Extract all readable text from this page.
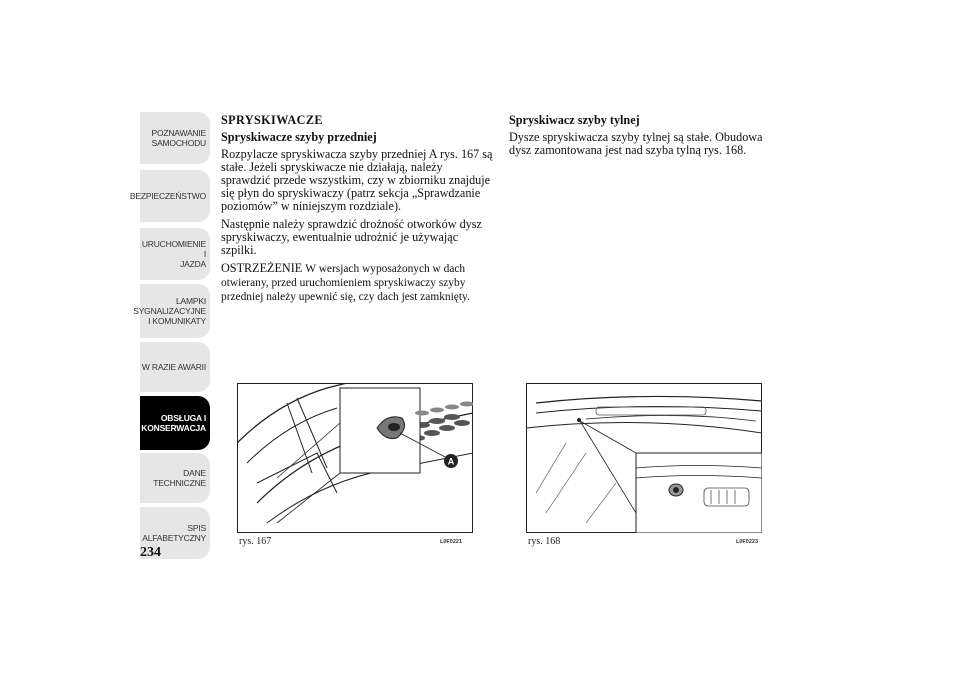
POZNAWANIE
SAMOCHODU
BEZPIECZEŃSTWO
URUCHOMIENIE I
JAZDA
LAMPKI
SYGNALIZACYJNE
I KOMUNIKATY
W RAZIE AWARII
OBSŁUGA I
KONSERWACJA
DANE
TECHNICZNE
SPIS
ALFABETYCZNY
234
SPRYSKIWACZE
Spryskiwacze szyby przedniej

Rozpylacze spryskiwacza szyby przedniej A rys. 167 są stałe. Jeżeli spryskiwacze nie działają, należy sprawdzić przede wszystkim, czy w zbiorniku znajduje się płyn do spryskiwaczy (patrz sekcja „Sprawdzanie poziomów” w niniejszym rozdziale).

Następnie należy sprawdzić drożność otworków dysz spryskiwaczy, ewentualnie udrożnić je używając szpilki.

OSTRZEŻENIE W wersjach wyposażonych w dach otwierany, przed uruchomieniem spryskiwaczy szyby przedniej należy upewnić się, czy dach jest zamknięty.

Spryskiwacz szyby tylnej

Dysze spryskiwacza szyby tylnej są stałe. Obudowa dysz zamontowana jest nad szyba tylną rys. 168.

A
rys. 167	L0F0221	rys. 168	L0F0223
